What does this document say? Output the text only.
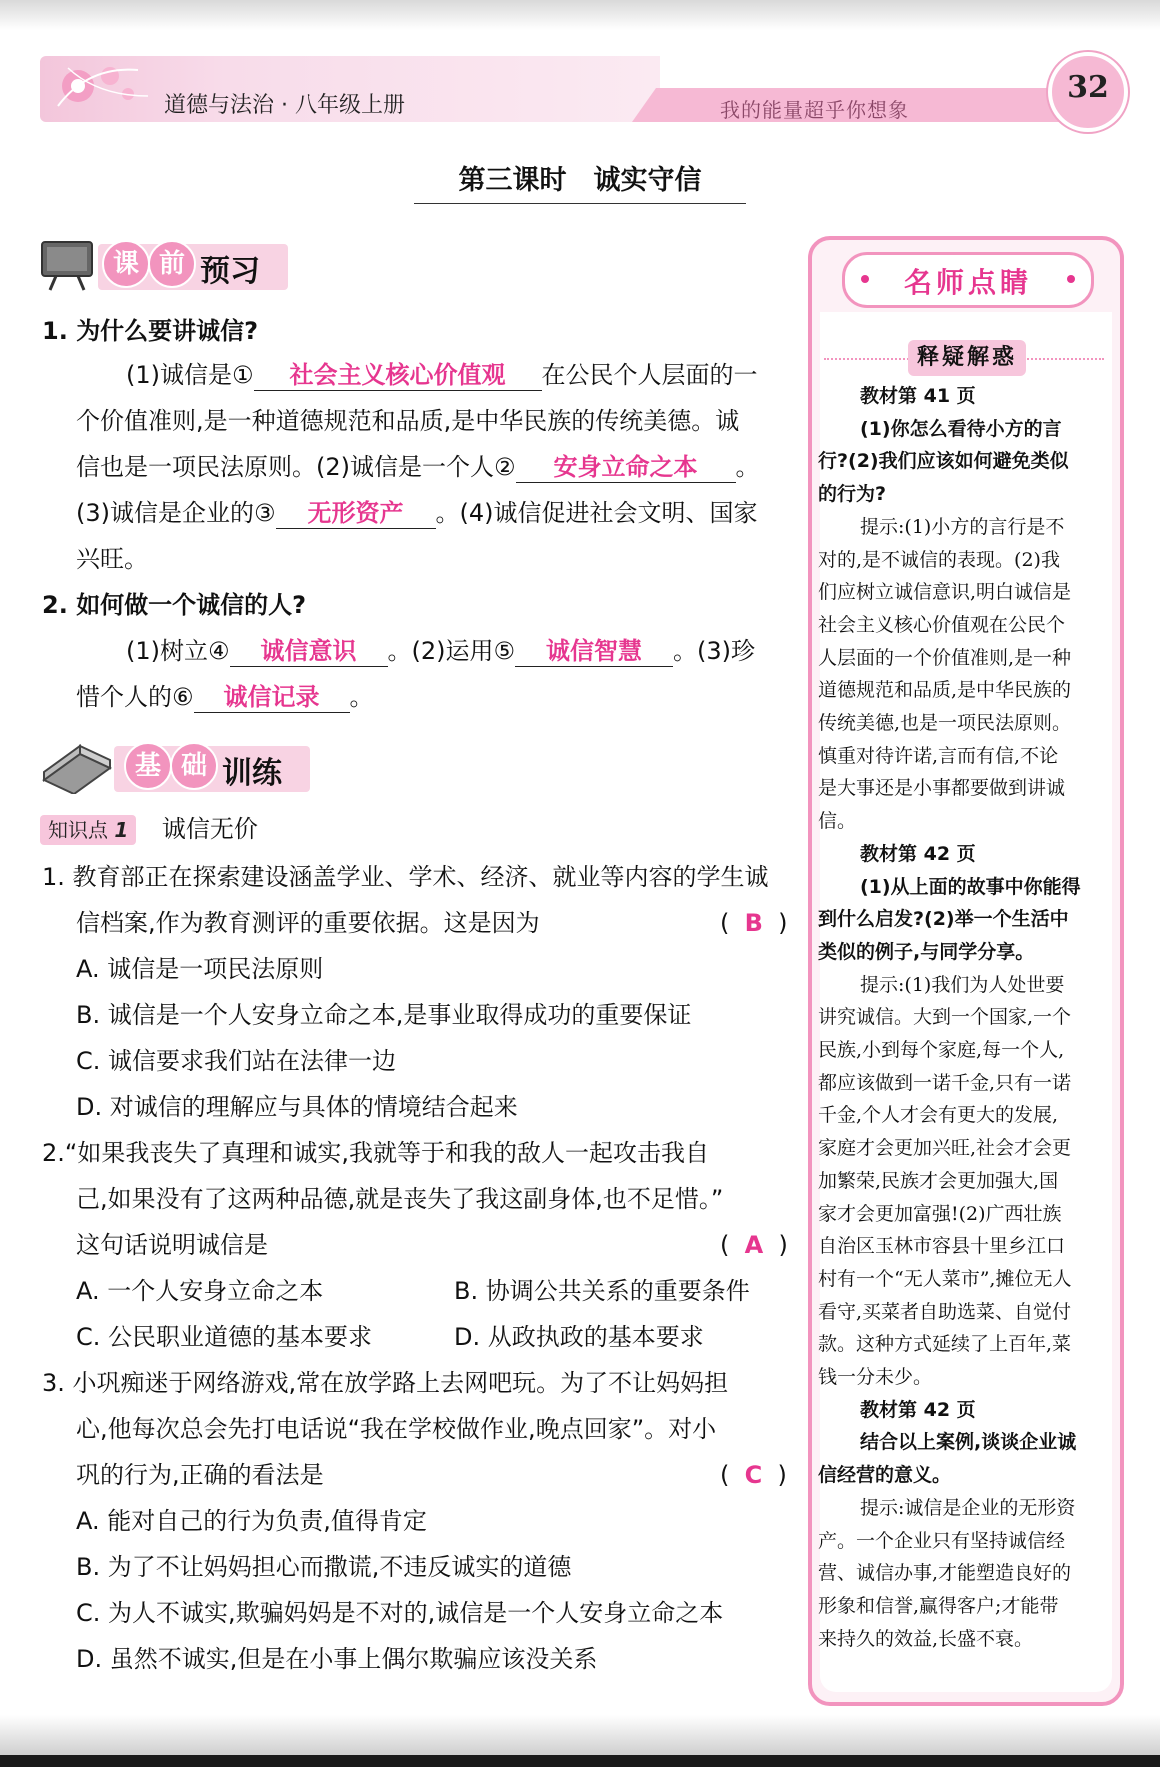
道德与法治 · 八年级上册	我的能量超乎你想象
32
第三课时　诚实守信
课 前 预习
1. 为什么要讲诚信?
(1)诚信是① 社会主义核心价值观 在公民个人层面的一
个价值准则,是一种道德规范和品质,是中华民族的传统美德。诚
信也是一项民法原则。(2)诚信是一个人② 安身立命之本 。
(3)诚信是企业的③ 无形资产 。(4)诚信促进社会文明、国家
兴旺。
2. 如何做一个诚信的人?
(1)树立④ 诚信意识 。(2)运用⑤ 诚信智慧 。(3)珍
惜个人的⑥ 诚信记录 。
基 础 训练
知识点 1 诚信无价
1. 教育部正在探索建设涵盖学业、学术、经济、就业等内容的学生诚
信档案,作为教育测评的重要依据。这是因为	(  B  )
A. 诚信是一项民法原则
B. 诚信是一个人安身立命之本,是事业取得成功的重要保证
C. 诚信要求我们站在法律一边
D. 对诚信的理解应与具体的情境结合起来
2.“如果我丧失了真理和诚实,我就等于和我的敌人一起攻击我自
己,如果没有了这两种品德,就是丧失了我这副身体,也不足惜。”
这句话说明诚信是	(  A  )
A. 一个人安身立命之本	B. 协调公共关系的重要条件
C. 公民职业道德的基本要求	D. 从政执政的基本要求
3. 小巩痴迷于网络游戏,常在放学路上去网吧玩。为了不让妈妈担
心,他每次总会先打电话说“我在学校做作业,晚点回家”。对小
巩的行为,正确的看法是	(  C  )
A. 能对自己的行为负责,值得肯定
B. 为了不让妈妈担心而撒谎,不违反诚实的道德
C. 为人不诚实,欺骗妈妈是不对的,诚信是一个人安身立命之本
D. 虽然不诚实,但是在小事上偶尔欺骗应该没关系
名师点睛
释疑解惑
教材第 41 页
(1)你怎么看待小方的言
行?(2)我们应该如何避免类似
的行为?
提示:(1)小方的言行是不
对的,是不诚信的表现。(2)我
们应树立诚信意识,明白诚信是
社会主义核心价值观在公民个
人层面的一个价值准则,是一种
道德规范和品质,是中华民族的
传统美德,也是一项民法原则。
慎重对待许诺,言而有信,不论
是大事还是小事都要做到讲诚
信。
教材第 42 页
(1)从上面的故事中你能得
到什么启发?(2)举一个生活中
类似的例子,与同学分享。
提示:(1)我们为人处世要
讲究诚信。大到一个国家,一个
民族,小到每个家庭,每一个人,
都应该做到一诺千金,只有一诺
千金,个人才会有更大的发展,
家庭才会更加兴旺,社会才会更
加繁荣,民族才会更加强大,国
家才会更加富强!(2)广西壮族
自治区玉林市容县十里乡江口
村有一个“无人菜市”,摊位无人
看守,买菜者自助选菜、自觉付
款。这种方式延续了上百年,菜
钱一分未少。
教材第 42 页
结合以上案例,谈谈企业诚
信经营的意义。
提示:诚信是企业的无形资
产。一个企业只有坚持诚信经
营、诚信办事,才能塑造良好的
形象和信誉,赢得客户;才能带
来持久的效益,长盛不衰。
